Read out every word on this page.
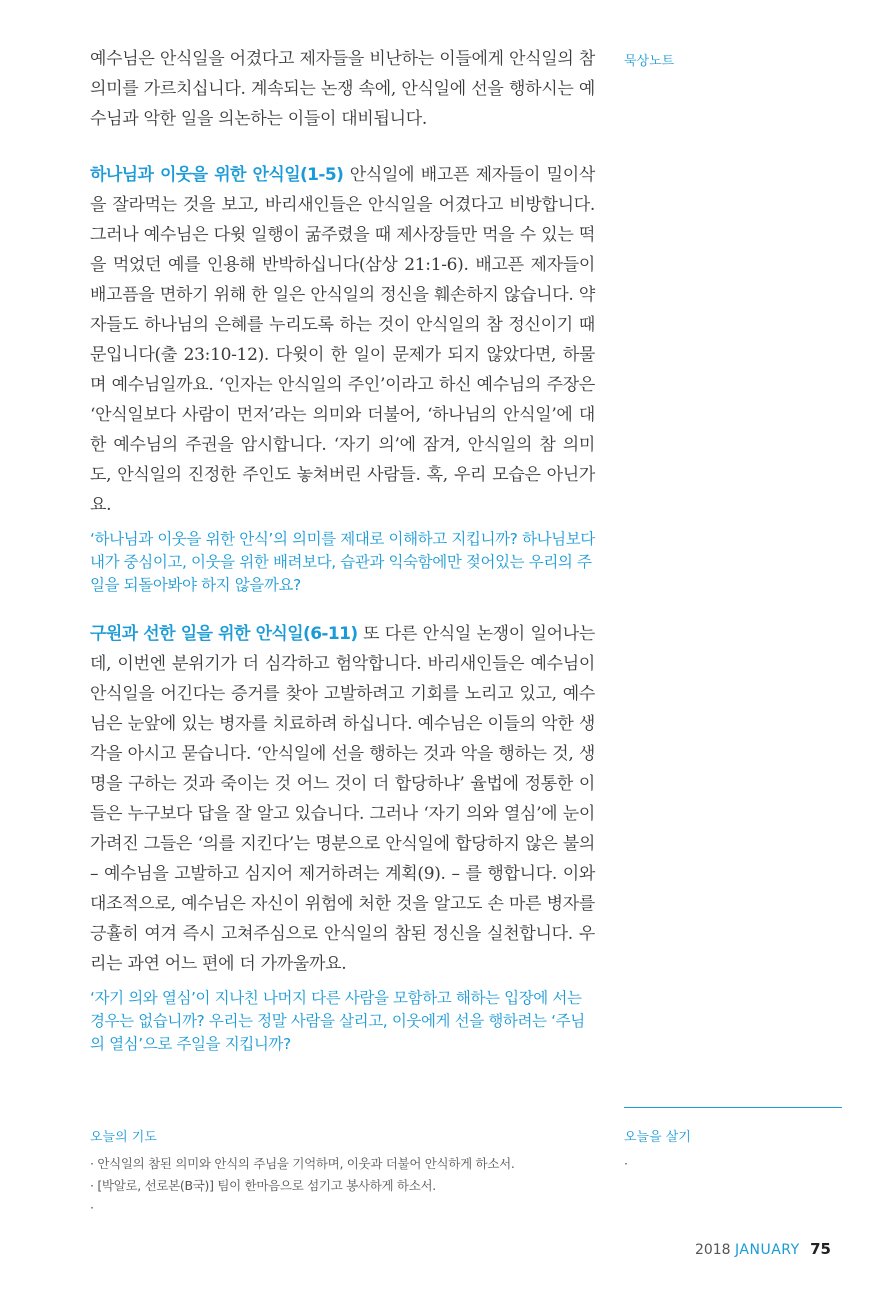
묵상노트

예수님은 안식일을 어겼다고 제자들을 비난하는 이들에게 안식일의 참 의미를 가르치십니다. 계속되는 논쟁 속에, 안식일에 선을 행하시는 예수님과 악한 일을 의논하는 이들이 대비됩니다.

하나님과 이웃을 위한 안식일(1-5) 안식일에 배고픈 제자들이 밀이삭을 잘라먹는 것을 보고, 바리새인들은 안식일을 어겼다고 비방합니다. 그러나 예수님은 다윗 일행이 굶주렸을 때 제사장들만 먹을 수 있는 떡을 먹었던 예를 인용해 반박하십니다(삼상 21:1-6). 배고픈 제자들이 배고픔을 면하기 위해 한 일은 안식일의 정신을 훼손하지 않습니다. 약자들도 하나님의 은혜를 누리도록 하는 것이 안식일의 참 정신이기 때문입니다(출 23:10-12). 다윗이 한 일이 문제가 되지 않았다면, 하물며 예수님일까요. ‘인자는 안식일의 주인’이라고 하신 예수님의 주장은 ‘안식일보다 사람이 먼저’라는 의미와 더불어, ‘하나님의 안식일’에 대한 예수님의 주권을 암시합니다. ‘자기 의’에 잠겨, 안식일의 참 의미도, 안식일의 진정한 주인도 놓쳐버린 사람들. 혹, 우리 모습은 아닌가요.

‘하나님과 이웃을 위한 안식’의 의미를 제대로 이해하고 지킵니까? 하나님보다 내가 중심이고, 이웃을 위한 배려보다, 습관과 익숙함에만 젖어있는 우리의 주일을 되돌아봐야 하지 않을까요?

구원과 선한 일을 위한 안식일(6-11) 또 다른 안식일 논쟁이 일어나는데, 이번엔 분위기가 더 심각하고 험악합니다. 바리새인들은 예수님이 안식일을 어긴다는 증거를 찾아 고발하려고 기회를 노리고 있고, 예수님은 눈앞에 있는 병자를 치료하려 하십니다. 예수님은 이들의 악한 생각을 아시고 묻습니다. ‘안식일에 선을 행하는 것과 악을 행하는 것, 생명을 구하는 것과 죽이는 것 어느 것이 더 합당하냐’ 율법에 정통한 이들은 누구보다 답을 잘 알고 있습니다. 그러나 ‘자기 의와 열심’에 눈이 가려진 그들은 ‘의를 지킨다’는 명분으로 안식일에 합당하지 않은 불의 – 예수님을 고발하고 심지어 제거하려는 계획(9). – 를 행합니다. 이와 대조적으로, 예수님은 자신이 위험에 처한 것을 알고도 손 마른 병자를 긍휼히 여겨 즉시 고쳐주심으로 안식일의 참된 정신을 실천합니다. 우리는 과연 어느 편에 더 가까울까요.

‘자기 의와 열심’이 지나친 나머지 다른 사람을 모함하고 해하는 입장에 서는 경우는 없습니까? 우리는 정말 사람을 살리고, 이웃에게 선을 행하려는 ‘주님의 열심’으로 주일을 지킵니까?

오늘의 기도
· 안식일의 참된 의미와 안식의 주님을 기억하며, 이웃과 더불어 안식하게 하소서.
· [박알로, 선로본(B국)] 팀이 한마음으로 섬기고 봉사하게 하소서.
·
오늘을 살기
·
2018 JANUARY 75
